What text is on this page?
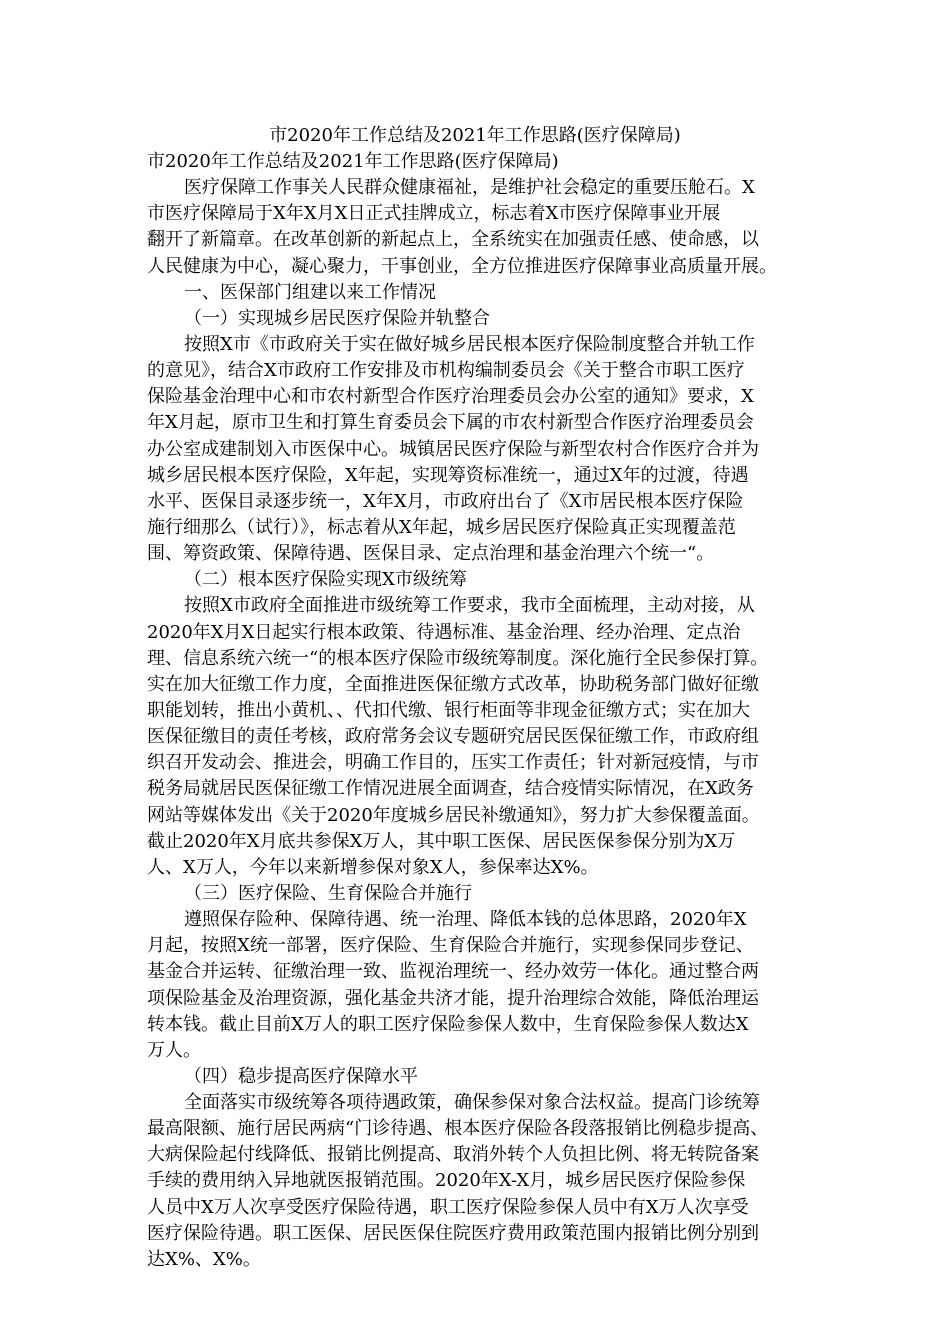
市2020年工作总结及2021年工作思路(医疗保障局)
市2020年工作总结及2021年工作思路(医疗保障局)
医疗保障工作事关人民群众健康福祉，是维护社会稳定的重要压舱石。X
市医疗保障局于X年X月X日正式挂牌成立，标志着X市医疗保障事业开展
翻开了新篇章。在改革创新的新起点上，全系统实在加强责任感、使命感，以
人民健康为中心，凝心聚力，干事创业，全方位推进医疗保障事业高质量开展。
一、医保部门组建以来工作情况
（一）实现城乡居民医疗保险并轨整合
按照X市《市政府关于实在做好城乡居民根本医疗保险制度整合并轨工作
的意见》，结合X市政府工作安排及市机构编制委员会《关于整合市职工医疗
保险基金治理中心和市农村新型合作医疗治理委员会办公室的通知》要求，X
年X月起，原市卫生和打算生育委员会下属的市农村新型合作医疗治理委员会
办公室成建制划入市医保中心。城镇居民医疗保险与新型农村合作医疗合并为
城乡居民根本医疗保险，X年起，实现筹资标准统一，通过X年的过渡，待遇
水平、医保目录逐步统一，X年X月，市政府出台了《X市居民根本医疗保险
施行细那么（试行）》，标志着从X年起，城乡居民医疗保险真正实现覆盖范
围、筹资政策、保障待遇、医保目录、定点治理和基金治理六个统一“。
（二）根本医疗保险实现X市级统筹
按照X市政府全面推进市级统筹工作要求，我市全面梳理，主动对接，从
2020年X月X日起实行根本政策、待遇标准、基金治理、经办治理、定点治
理、信息系统六统一“的根本医疗保险市级统筹制度。深化施行全民参保打算。
实在加大征缴工作力度，全面推进医保征缴方式改革，协助税务部门做好征缴
职能划转，推出小黄机、、代扣代缴、银行柜面等非现金征缴方式；实在加大
医保征缴目的责任考核，政府常务会议专题研究居民医保征缴工作，市政府组
织召开发动会、推进会，明确工作目的，压实工作责任；针对新冠疫情，与市
税务局就居民医保征缴工作情况进展全面调查，结合疫情实际情况，在X政务
网站等媒体发出《关于2020年度城乡居民补缴通知》，努力扩大参保覆盖面。
截止2020年X月底共参保X万人，其中职工医保、居民医保参保分别为X万
人、X万人，今年以来新增参保对象X人，参保率达X%。
（三）医疗保险、生育保险合并施行
遵照保存险种、保障待遇、统一治理、降低本钱的总体思路，2020年X
月起，按照X统一部署，医疗保险、生育保险合并施行，实现参保同步登记、
基金合并运转、征缴治理一致、监视治理统一、经办效劳一体化。通过整合两
项保险基金及治理资源，强化基金共济才能，提升治理综合效能，降低治理运
转本钱。截止目前X万人的职工医疗保险参保人数中，生育保险参保人数达X
万人。
（四）稳步提高医疗保障水平
全面落实市级统筹各项待遇政策，确保参保对象合法权益。提高门诊统筹
最高限额、施行居民两病“门诊待遇、根本医疗保险各段落报销比例稳步提高、
大病保险起付线降低、报销比例提高、取消外转个人负担比例、将无转院备案
手续的费用纳入异地就医报销范围。2020年X-X月，城乡居民医疗保险参保
人员中X万人次享受医疗保险待遇，职工医疗保险参保人员中有X万人次享受
医疗保险待遇。职工医保、居民医保住院医疗费用政策范围内报销比例分别到
达X%、X%。
